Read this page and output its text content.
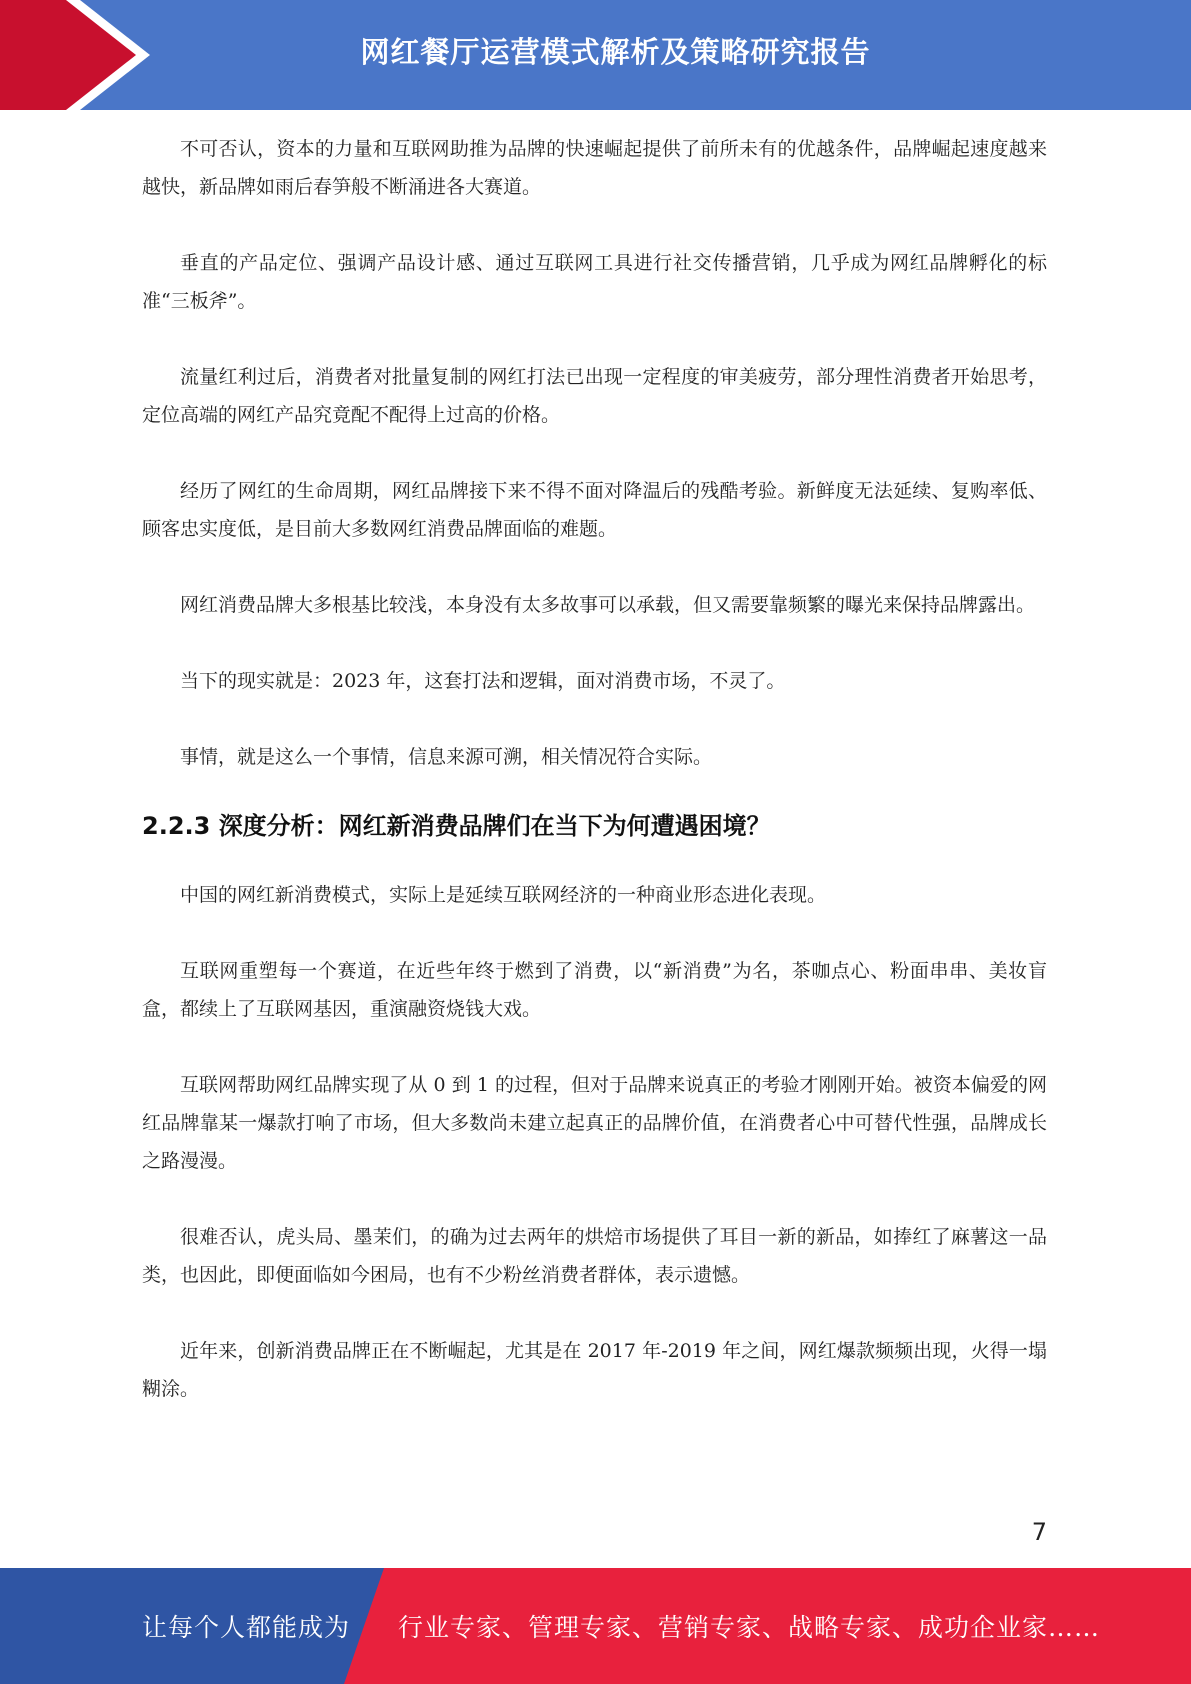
网红餐厅运营模式解析及策略研究报告

不可否认，资本的力量和互联网助推为品牌的快速崛起提供了前所未有的优越条件，品牌崛起速度越来越快，新品牌如雨后春笋般不断涌进各大赛道。

垂直的产品定位、强调产品设计感、通过互联网工具进行社交传播营销，几乎成为网红品牌孵化的标准“三板斧”。

流量红利过后，消费者对批量复制的网红打法已出现一定程度的审美疲劳，部分理性消费者开始思考，定位高端的网红产品究竟配不配得上过高的价格。

经历了网红的生命周期，网红品牌接下来不得不面对降温后的残酷考验。新鲜度无法延续、复购率低、顾客忠实度低，是目前大多数网红消费品牌面临的难题。

网红消费品牌大多根基比较浅，本身没有太多故事可以承载，但又需要靠频繁的曝光来保持品牌露出。

当下的现实就是：2023 年，这套打法和逻辑，面对消费市场，不灵了。

事情，就是这么一个事情，信息来源可溯，相关情况符合实际。

2.2.3 深度分析：网红新消费品牌们在当下为何遭遇困境？

中国的网红新消费模式，实际上是延续互联网经济的一种商业形态进化表现。

互联网重塑每一个赛道，在近些年终于燃到了消费，以“新消费”为名，茶咖点心、粉面串串、美妆盲盒，都续上了互联网基因，重演融资烧钱大戏。

互联网帮助网红品牌实现了从 0 到 1 的过程，但对于品牌来说真正的考验才刚刚开始。被资本偏爱的网红品牌靠某一爆款打响了市场，但大多数尚未建立起真正的品牌价值，在消费者心中可替代性强，品牌成长之路漫漫。

很难否认，虎头局、墨茉们，的确为过去两年的烘焙市场提供了耳目一新的新品，如捧红了麻薯这一品类，也因此，即便面临如今困局，也有不少粉丝消费者群体，表示遗憾。

近年来，创新消费品牌正在不断崛起，尤其是在 2017 年-2019 年之间，网红爆款频频出现，火得一塌糊涂。

7
让每个人都能成为 行业专家、管理专家、营销专家、战略专家、成功企业家……
